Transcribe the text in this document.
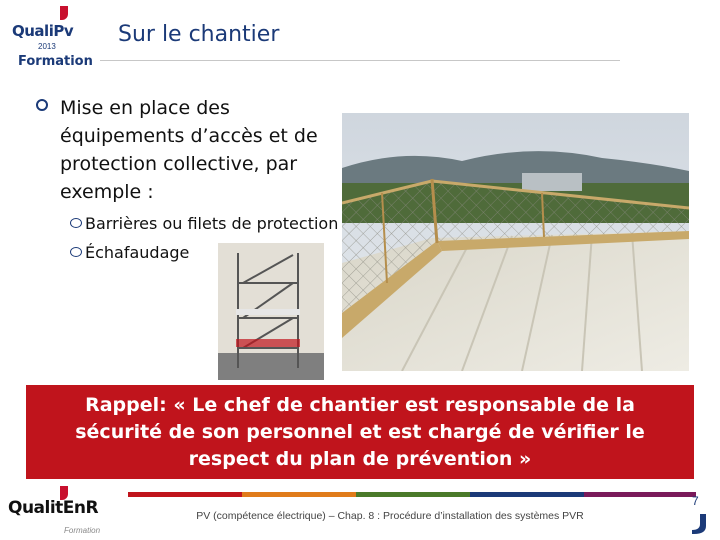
QualiPv
2013
Formation
Sur le chantier
Mise en place des équipements d’accès et de protection collective, par exemple :
Barrières ou filets de protection
Échafaudage
Rappel: « Le chef de chantier est responsable de la sécurité de son personnel et est chargé de vérifier le respect du plan de prévention »
QualitEnR
Formation
PV (compétence électrique) – Chap. 8 : Procédure d’installation des systèmes PVR
7
